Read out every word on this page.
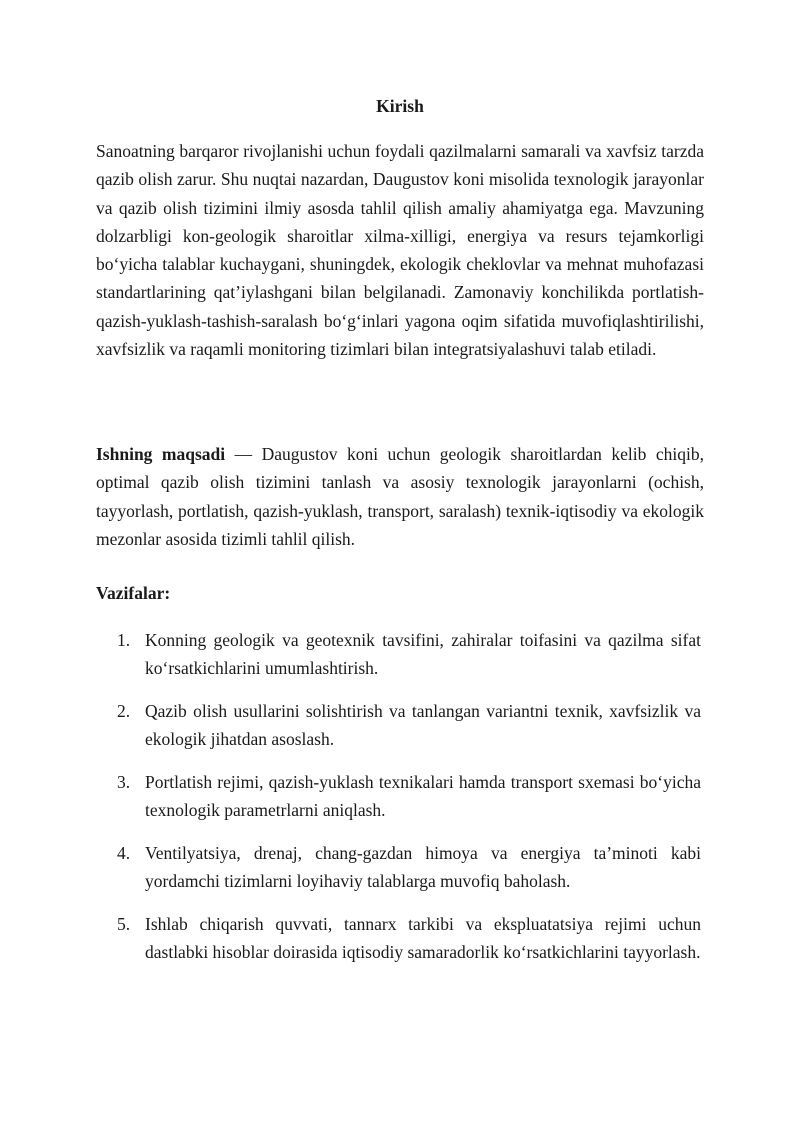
Kirish

Sanoatning barqaror rivojlanishi uchun foydali qazilmalarni samarali va xavfsiz tarzda qazib olish zarur. Shu nuqtai nazardan, Daugustov koni misolida texnologik jarayonlar va qazib olish tizimini ilmiy asosda tahlil qilish amaliy ahamiyatga ega. Mavzuning dolzarbligi kon-geologik sharoitlar xilma-xilligi, energiya va resurs tejamkorligi bo‘yicha talablar kuchaygani, shuningdek, ekologik cheklovlar va mehnat muhofazasi standartlarining qat’iylashgani bilan belgilanadi. Zamonaviy konchilikda portlatish-qazish-yuklash-tashish-saralash bo‘g‘inlari yagona oqim sifatida muvofiqlashtirilishi, xavfsizlik va raqamli monitoring tizimlari bilan integratsiyalashuvi talab etiladi.

Ishning maqsadi — Daugustov koni uchun geologik sharoitlardan kelib chiqib, optimal qazib olish tizimini tanlash va asosiy texnologik jarayonlarni (ochish, tayyorlash, portlatish, qazish-yuklash, transport, saralash) texnik-iqtisodiy va ekologik mezonlar asosida tizimli tahlil qilish.

Vazifalar:
1. Konning geologik va geotexnik tavsifini, zahiralar toifasini va qazilma sifat ko‘rsatkichlarini umumlashtirish.

2. Qazib olish usullarini solishtirish va tanlangan variantni texnik, xavfsizlik va ekologik jihatdan asoslash.

3. Portlatish rejimi, qazish-yuklash texnikalari hamda transport sxemasi bo‘yicha texnologik parametrlarni aniqlash.

4. Ventilyatsiya, drenaj, chang-gazdan himoya va energiya ta’minoti kabi yordamchi tizimlarni loyihaviy talablarga muvofiq baholash.

5. Ishlab chiqarish quvvati, tannarx tarkibi va ekspluatatsiya rejimi uchun dastlabki hisoblar doirasida iqtisodiy samaradorlik ko‘rsatkichlarini tayyorlash.
